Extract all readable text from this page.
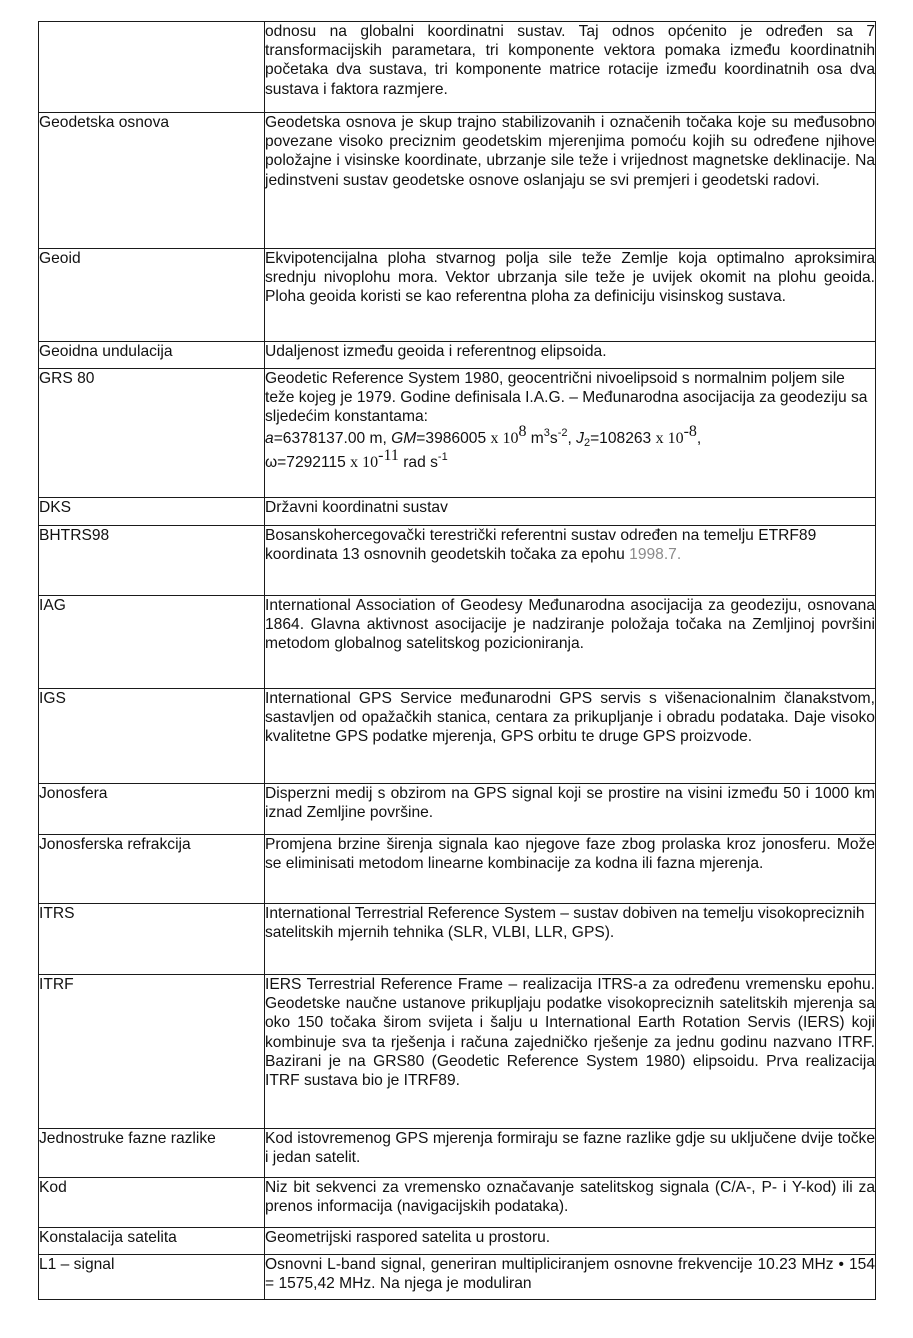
	odnosu na globalni koordinatni sustav. Taj odnos općenito je određen sa 7 transformacijskih parametara, tri komponente vektora pomaka između koordinatnih početaka dva sustava, tri komponente matrice rotacije između koordinatnih osa dva sustava i faktora razmjere.
Geodetska osnova	Geodetska osnova je skup trajno stabilizovanih i označenih točaka koje su međusobno povezane visoko preciznim geodetskim mjerenjima pomoću kojih su određene njihove položajne i visinske koordinate, ubrzanje sile teže i vrijednost magnetske deklinacije. Na jedinstveni sustav geodetske osnove oslanjaju se svi premjeri i geodetski radovi.
Geoid	Ekvipotencijalna ploha stvarnog polja sile teže Zemlje koja optimalno aproksimira srednju nivoplohu mora. Vektor ubrzanja sile teže je uvijek okomit na plohu geoida. Ploha geoida koristi se kao referentna ploha za definiciju visinskog sustava.
Geoidna undulacija	Udaljenost između geoida i referentnog elipsoida.
GRS 80	Geodetic Reference System 1980, geocentrični nivoelipsoid s normalnim poljem sile teže kojeg je 1979. Godine definisala I.A.G. – Međunarodna asocijacija za geodeziju sa sljedećim konstantama:
a=6378137.00 m, GM=3986005 x $10^8$ $m^3s^{-2}$, $J_2=108263$ x $10^{-8}$,
ω=7292115 x $10^{-11}$ rad $s^{-1}$

DKS	Državni koordinatni sustav
BHTRS98	Bosanskohercegovački terestrički referentni sustav određen na temelju ETRF89 koordinata 13 osnovnih geodetskih točaka za epohu 1998.7.
IAG	International Association of Geodesy Međunarodna asocijacija za geodeziju, osnovana 1864. Glavna aktivnost asocijacije je nadziranje položaja točaka na Zemljinoj površini metodom globalnog satelitskog pozicioniranja.
IGS	International GPS Service međunarodni GPS servis s višenacionalnim članakstvom, sastavljen od opažačkih stanica, centara za prikupljanje i obradu podataka. Daje visoko kvalitetne GPS podatke mjerenja, GPS orbitu te druge GPS proizvode.
Jonosfera	Disperzni medij s obzirom na GPS signal koji se prostire na visini između 50 i 1000 km iznad Zemljine površine.
Jonosferska refrakcija	Promjena brzine širenja signala kao njegove faze zbog prolaska kroz jonosferu. Može se eliminisati metodom linearne kombinacije za kodna ili fazna mjerenja.
ITRS	International Terrestrial Reference System – sustav dobiven na temelju visokopreciznih satelitskih mjernih tehnika (SLR, VLBI, LLR, GPS).
ITRF	IERS Terrestrial Reference Frame – realizacija ITRS-a za određenu vremensku epohu. Geodetske naučne ustanove prikupljaju podatke visokopreciznih satelitskih mjerenja sa oko 150 točaka širom svijeta i šalju u International Earth Rotation Servis (IERS) koji kombinuje sva ta rješenja i računa zajedničko rješenje za jednu godinu nazvano ITRF. Bazirani je na GRS80 (Geodetic Reference System 1980) elipsoidu. Prva realizacija ITRF sustava bio je ITRF89.
Jednostruke fazne razlike	Kod istovremenog GPS mjerenja formiraju se fazne razlike gdje su uključene dvije točke i jedan satelit.
Kod	Niz bit sekvenci za vremensko označavanje satelitskog signala (C/A-, P- i Y-kod) ili za prenos informacija (navigacijskih podataka).
Konstalacija satelita	Geometrijski raspored satelita u prostoru.
L1 – signal	Osnovni L-band signal, generiran multipliciranjem osnovne frekvencije 10.23 MHz • 154 = 1575,42 MHz. Na njega je moduliran
